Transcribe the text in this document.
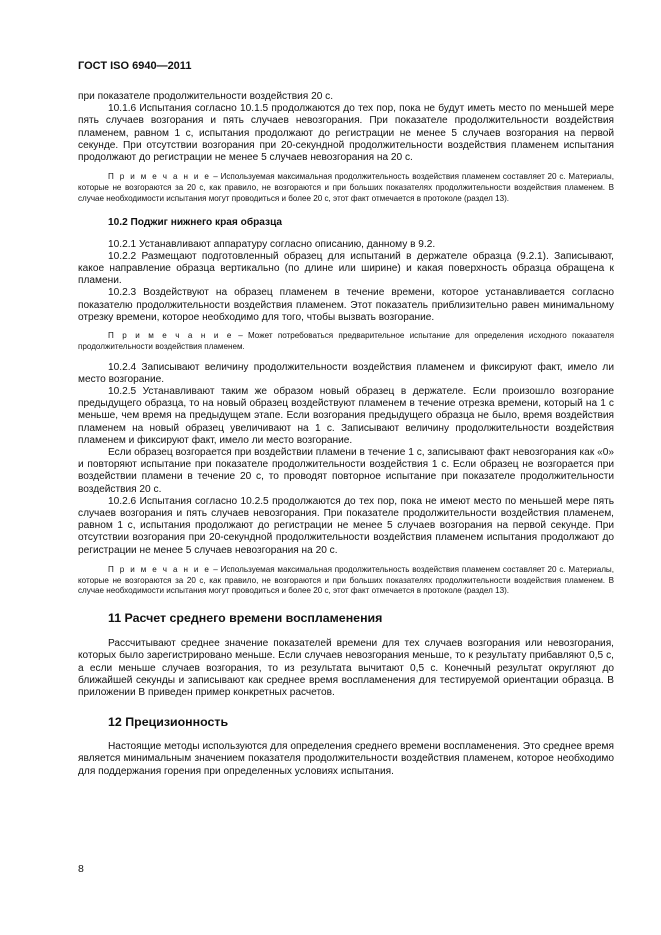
ГОСТ ISO 6940—2011

при показателе продолжительности воздействия 20 с.

10.1.6 Испытания согласно 10.1.5 продолжаются до тех пор, пока не будут иметь место по меньшей мере пять случаев возгорания и пять случаев невозгорания. При показателе продолжительности воздействия пламенем, равном 1 с, испытания продолжают до регистрации не менее 5 случаев возгорания на первой секунде. При отсутствии возгорания при 20-секундной продолжительности воздействия пламенем испытания продолжают до регистрации не менее 5 случаев невозгорания на 20 с.

П р и м е ч а н и е – Используемая максимальная продолжительность воздействия пламенем составляет 20 с. Материалы, которые не возгораются за 20 с, как правило, не возгораются и при больших показателях продолжительности воздействия пламенем. В случае необходимости испытания могут проводиться и более 20 с, этот факт отмечается в протоколе (раздел 13).

10.2 Поджиг нижнего края образца

10.2.1 Устанавливают аппаратуру согласно описанию, данному в 9.2.

10.2.2 Размещают подготовленный образец для испытаний в держателе образца (9.2.1). Записывают, какое направление образца вертикально (по длине или ширине) и какая поверхность образца обращена к пламени.

10.2.3 Воздействуют на образец пламенем в течение времени, которое устанавливается согласно показателю продолжительности воздействия пламенем. Этот показатель приблизительно равен минимальному отрезку времени, которое необходимо для того, чтобы вызвать возгорание.

П р и м е ч а н и е – Может потребоваться предварительное испытание для определения исходного показателя продолжительности воздействия пламенем.

10.2.4 Записывают величину продолжительности воздействия пламенем и фиксируют факт, имело ли место возгорание.

10.2.5 Устанавливают таким же образом новый образец в держателе. Если произошло возгорание предыдущего образца, то на новый образец воздействуют пламенем в течение отрезка времени, который на 1 с меньше, чем время на предыдущем этапе. Если возгорания предыдущего образца не было, время воздействия пламенем на новый образец увеличивают на 1 с. Записывают величину продолжительности воздействия пламенем и фиксируют факт, имело ли место возгорание.

Если образец возгорается при воздействии пламени в течение 1 с, записывают факт невозгорания как «0» и повторяют испытание при показателе продолжительности воздействия 1 с. Если образец не возгорается при воздействии пламени в течение 20 с, то проводят повторное испытание при показателе продолжительности воздействия 20 с.

10.2.6 Испытания согласно 10.2.5 продолжаются до тех пор, пока не имеют место по меньшей мере пять случаев возгорания и пять случаев невозгорания. При показателе продолжительности воздействия пламенем, равном 1 с, испытания продолжают до регистрации не менее 5 случаев возгорания на первой секунде. При отсутствии возгорания при 20-секундной продолжительности воздействия пламенем испытания продолжают до регистрации не менее 5 случаев невозгорания на 20 с.

П р и м е ч а н и е – Используемая максимальная продолжительность воздействия пламенем составляет 20 с. Материалы, которые не возгораются за 20 с, как правило, не возгораются и при больших показателях продолжительности воздействия пламенем. В случае необходимости испытания могут проводиться и более 20 с, этот факт отмечается в протоколе (раздел 13).

11 Расчет среднего времени воспламенения

Рассчитывают среднее значение показателей времени для тех случаев возгорания или невозгорания, которых было зарегистрировано меньше. Если случаев невозгорания меньше, то к результату прибавляют 0,5 с, а если меньше случаев возгорания, то из результата вычитают 0,5 с. Конечный результат округляют до ближайшей секунды и записывают как среднее время воспламенения для тестируемой ориентации образца. В приложении В приведен пример конкретных расчетов.

12 Прецизионность

Настоящие методы используются для определения среднего времени воспламенения. Это среднее время является минимальным значением показателя продолжительности воздействия пламенем, которое необходимо для поддержания горения при определенных условиях испытания.

8
